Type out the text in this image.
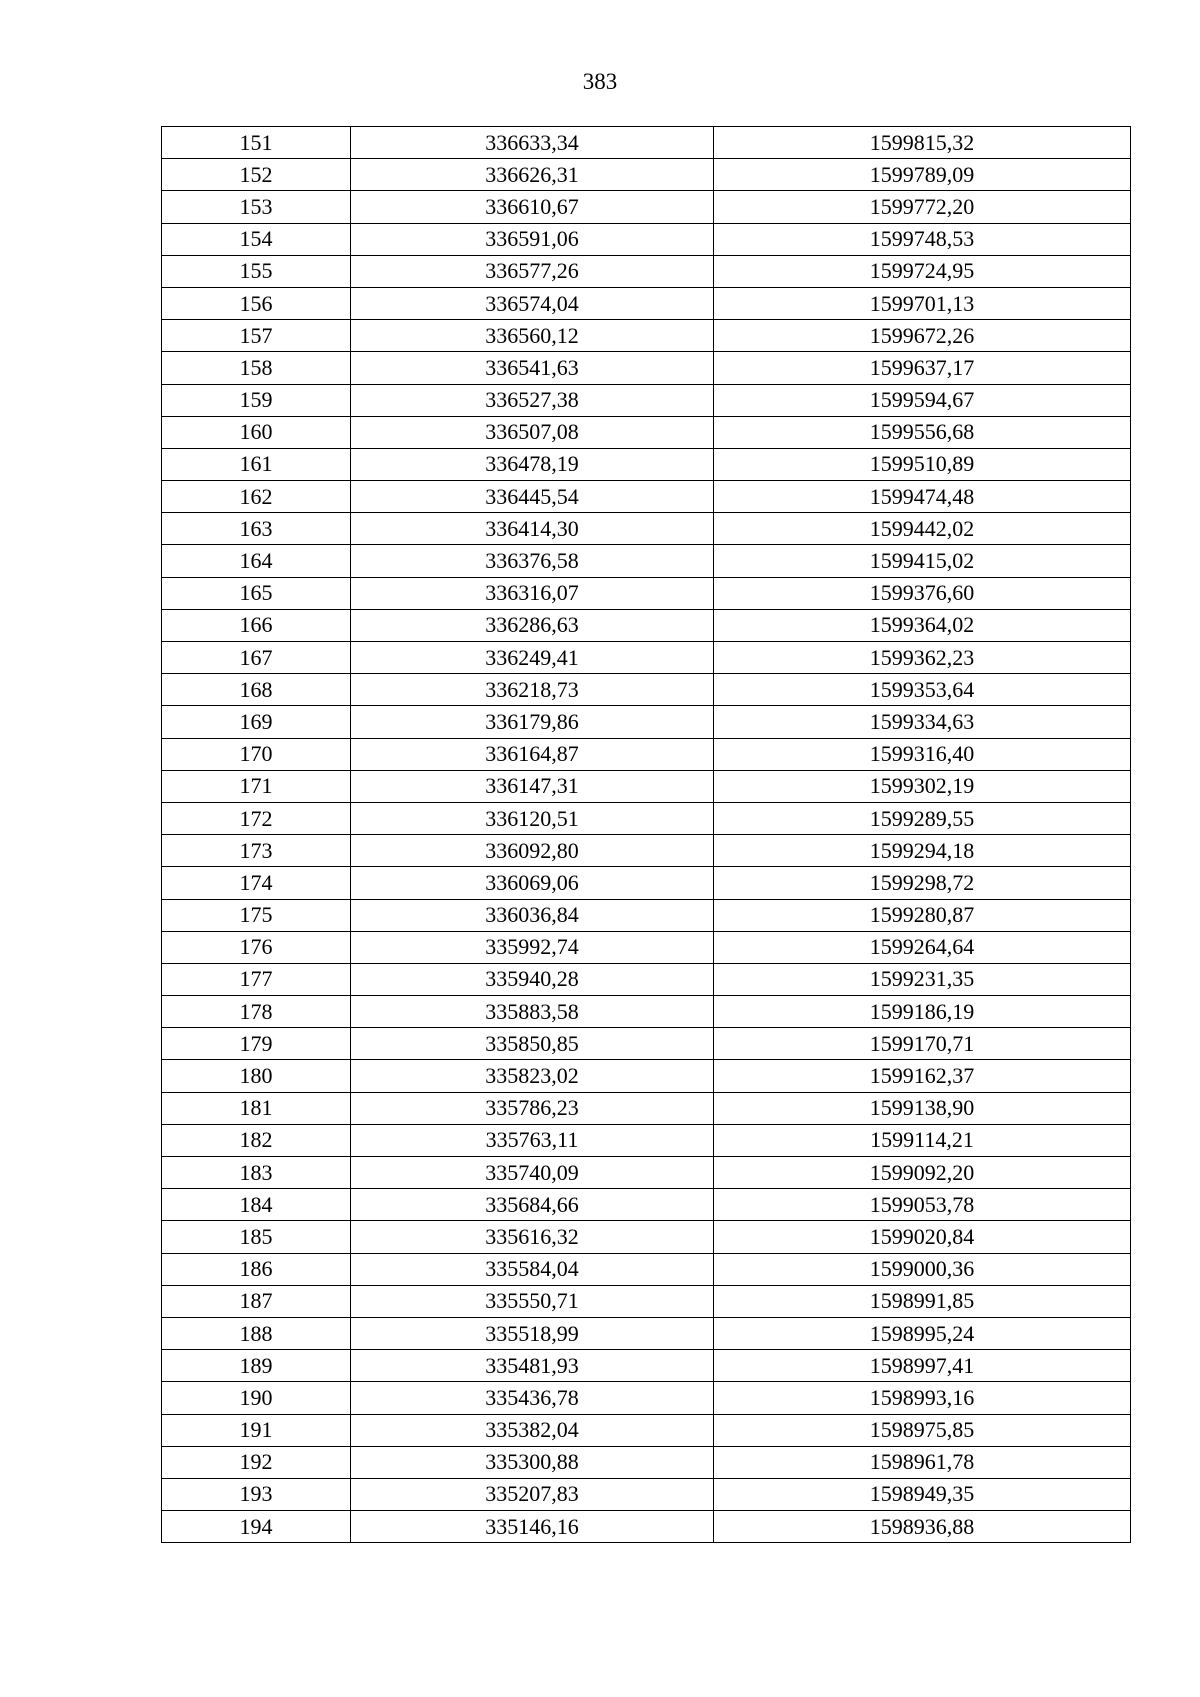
383
151	336633,34	1599815,32
152	336626,31	1599789,09
153	336610,67	1599772,20
154	336591,06	1599748,53
155	336577,26	1599724,95
156	336574,04	1599701,13
157	336560,12	1599672,26
158	336541,63	1599637,17
159	336527,38	1599594,67
160	336507,08	1599556,68
161	336478,19	1599510,89
162	336445,54	1599474,48
163	336414,30	1599442,02
164	336376,58	1599415,02
165	336316,07	1599376,60
166	336286,63	1599364,02
167	336249,41	1599362,23
168	336218,73	1599353,64
169	336179,86	1599334,63
170	336164,87	1599316,40
171	336147,31	1599302,19
172	336120,51	1599289,55
173	336092,80	1599294,18
174	336069,06	1599298,72
175	336036,84	1599280,87
176	335992,74	1599264,64
177	335940,28	1599231,35
178	335883,58	1599186,19
179	335850,85	1599170,71
180	335823,02	1599162,37
181	335786,23	1599138,90
182	335763,11	1599114,21
183	335740,09	1599092,20
184	335684,66	1599053,78
185	335616,32	1599020,84
186	335584,04	1599000,36
187	335550,71	1598991,85
188	335518,99	1598995,24
189	335481,93	1598997,41
190	335436,78	1598993,16
191	335382,04	1598975,85
192	335300,88	1598961,78
193	335207,83	1598949,35
194	335146,16	1598936,88
